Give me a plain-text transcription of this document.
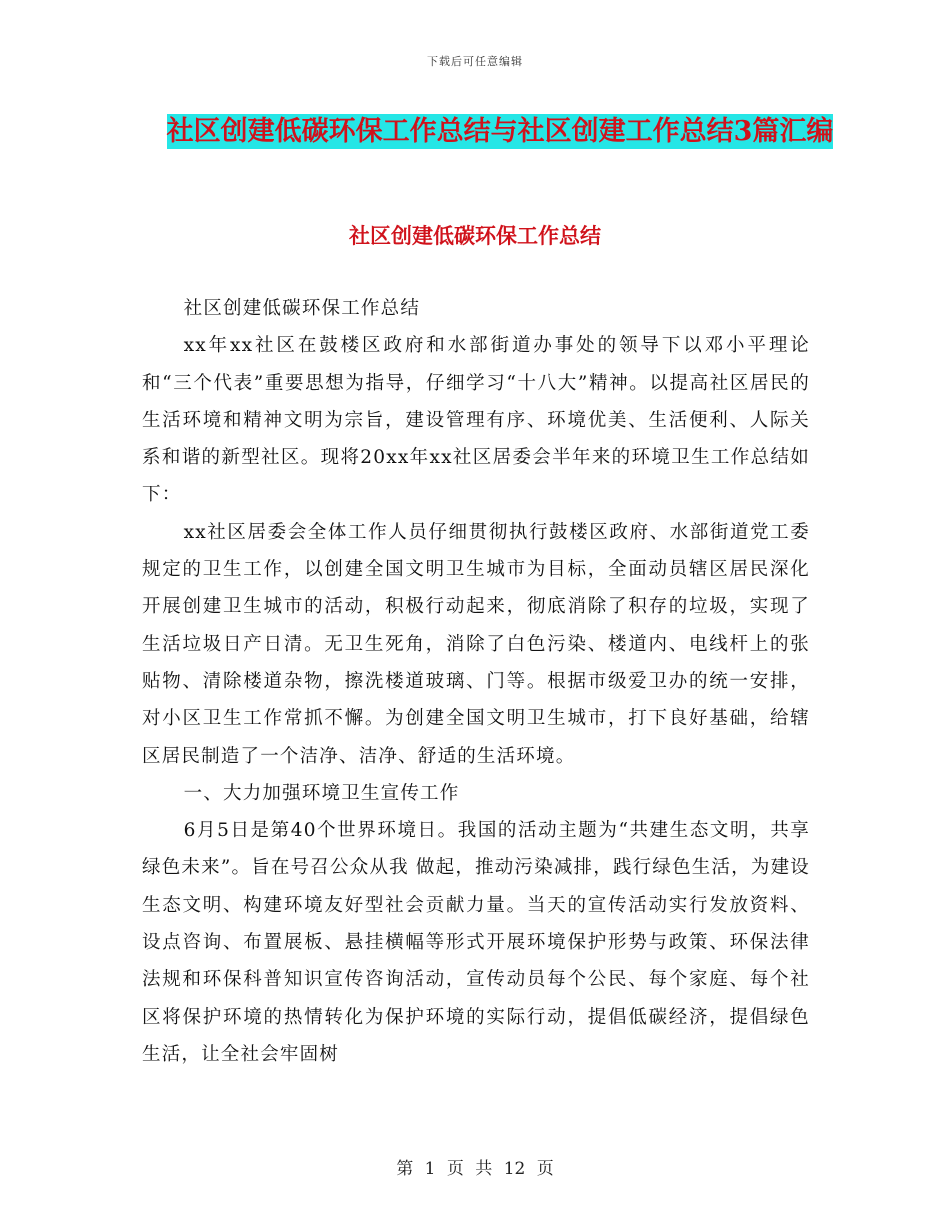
下载后可任意编辑
社区创建低碳环保工作总结与社区创建工作总结3篇汇编
社区创建低碳环保工作总结

社区创建低碳环保工作总结

xx年xx社区在鼓楼区政府和水部街道办事处的领导下以邓小平理论和“三个代表”重要思想为指导，仔细学习“十八大”精神。以提高社区居民的生活环境和精神文明为宗旨，建设管理有序、环境优美、生活便利、人际关系和谐的新型社区。现将20xx年xx社区居委会半年来的环境卫生工作总结如下：

xx社区居委会全体工作人员仔细贯彻执行鼓楼区政府、水部街道党工委规定的卫生工作，以创建全国文明卫生城市为目标，全面动员辖区居民深化开展创建卫生城市的活动，积极行动起来，彻底消除了积存的垃圾，实现了生活垃圾日产日清。无卫生死角，消除了白色污染、楼道内、电线杆上的张贴物、清除楼道杂物，擦洗楼道玻璃、门等。根据市级爱卫办的统一安排，对小区卫生工作常抓不懈。为创建全国文明卫生城市，打下良好基础，给辖区居民制造了一个洁净、洁净、舒适的生活环境。

一、大力加强环境卫生宣传工作

6月5日是第40个世界环境日。我国的活动主题为“共建生态文明，共享绿色未来”。旨在号召公众从我 做起，推动污染减排，践行绿色生活，为建设生态文明、构建环境友好型社会贡献力量。当天的宣传活动实行发放资料、设点咨询、布置展板、悬挂横幅等形式开展环境保护形势与政策、环保法律法规和环保科普知识宣传咨询活动，宣传动员每个公民、每个家庭、每个社区将保护环境的热情转化为保护环境的实际行动，提倡低碳经济，提倡绿色生活，让全社会牢固树

第 1 页 共 12 页
